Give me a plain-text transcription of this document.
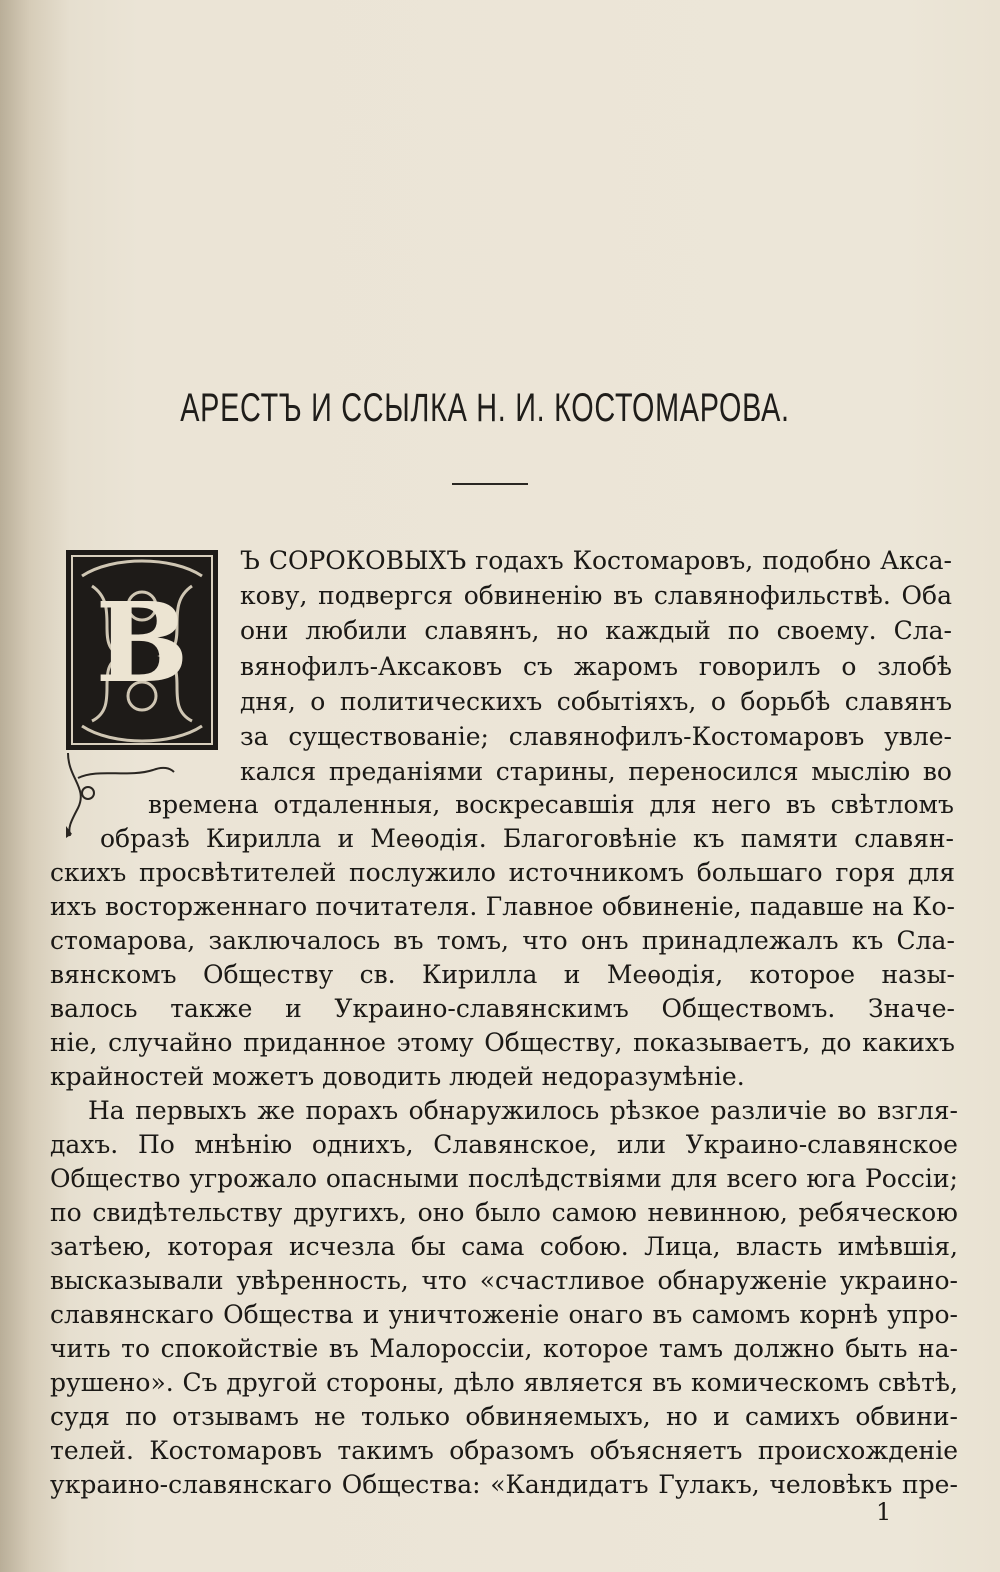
АРЕСТЪ И ССЫЛКА Н. И. КОСТОМАРОВА.
В
Ъ СОРОКОВЫХЪ годахъ Костомаровъ, подобно Акса-
кову, подвергся обвиненію въ славянофильствѣ. Оба
они любили славянъ, но каждый по своему. Сла-
вянофилъ-Аксаковъ съ жаромъ говорилъ о злобѣ
дня, о политическихъ событіяхъ, о борьбѣ славянъ
за существованіе; славянофилъ-Костомаровъ увле-
кался преданіями старины, переносился мыслію во
времена отдаленныя, воскресавшія для него въ свѣтломъ
образѣ Кирилла и Меѳодія. Благоговѣніе къ памяти славян-
скихъ просвѣтителей послужило источникомъ большаго горя для
ихъ восторженнаго почитателя. Главное обвиненіе, падавше на Ко-
стомарова, заключалось въ томъ, что онъ принадлежалъ къ Сла-
вянскомъ Обществу св. Кирилла и Меѳодія, которое назы-
валось также и Украино-славянскимъ Обществомъ. Значе-
ніе, случайно приданное этому Обществу, показываетъ, до какихъ
крайностей можетъ доводить людей недоразумѣніе.
На первыхъ же порахъ обнаружилось рѣзкое различіе во взгля-
дахъ. По мнѣнію однихъ, Славянское, или Украино-славянское
Общество угрожало опасными послѣдствіями для всего юга Россіи;
по свидѣтельству другихъ, оно было самою невинною, ребяческою
затѣею, которая исчезла бы сама собою. Лица, власть имѣвшія,
высказывали увѣренность, что «счастливое обнаруженіе украино-
славянскаго Общества и уничтоженіе онаго въ самомъ корнѣ упро-
чить то спокойствіе въ Малороссіи, которое тамъ должно быть на-
рушено». Съ другой стороны, дѣло является въ комическомъ свѣтѣ,
судя по отзывамъ не только обвиняемыхъ, но и самихъ обвини-
телей. Костомаровъ такимъ образомъ объясняетъ происхожденіе
украино-славянскаго Общества: «Кандидатъ Гулакъ, человѣкъ пре-
1
